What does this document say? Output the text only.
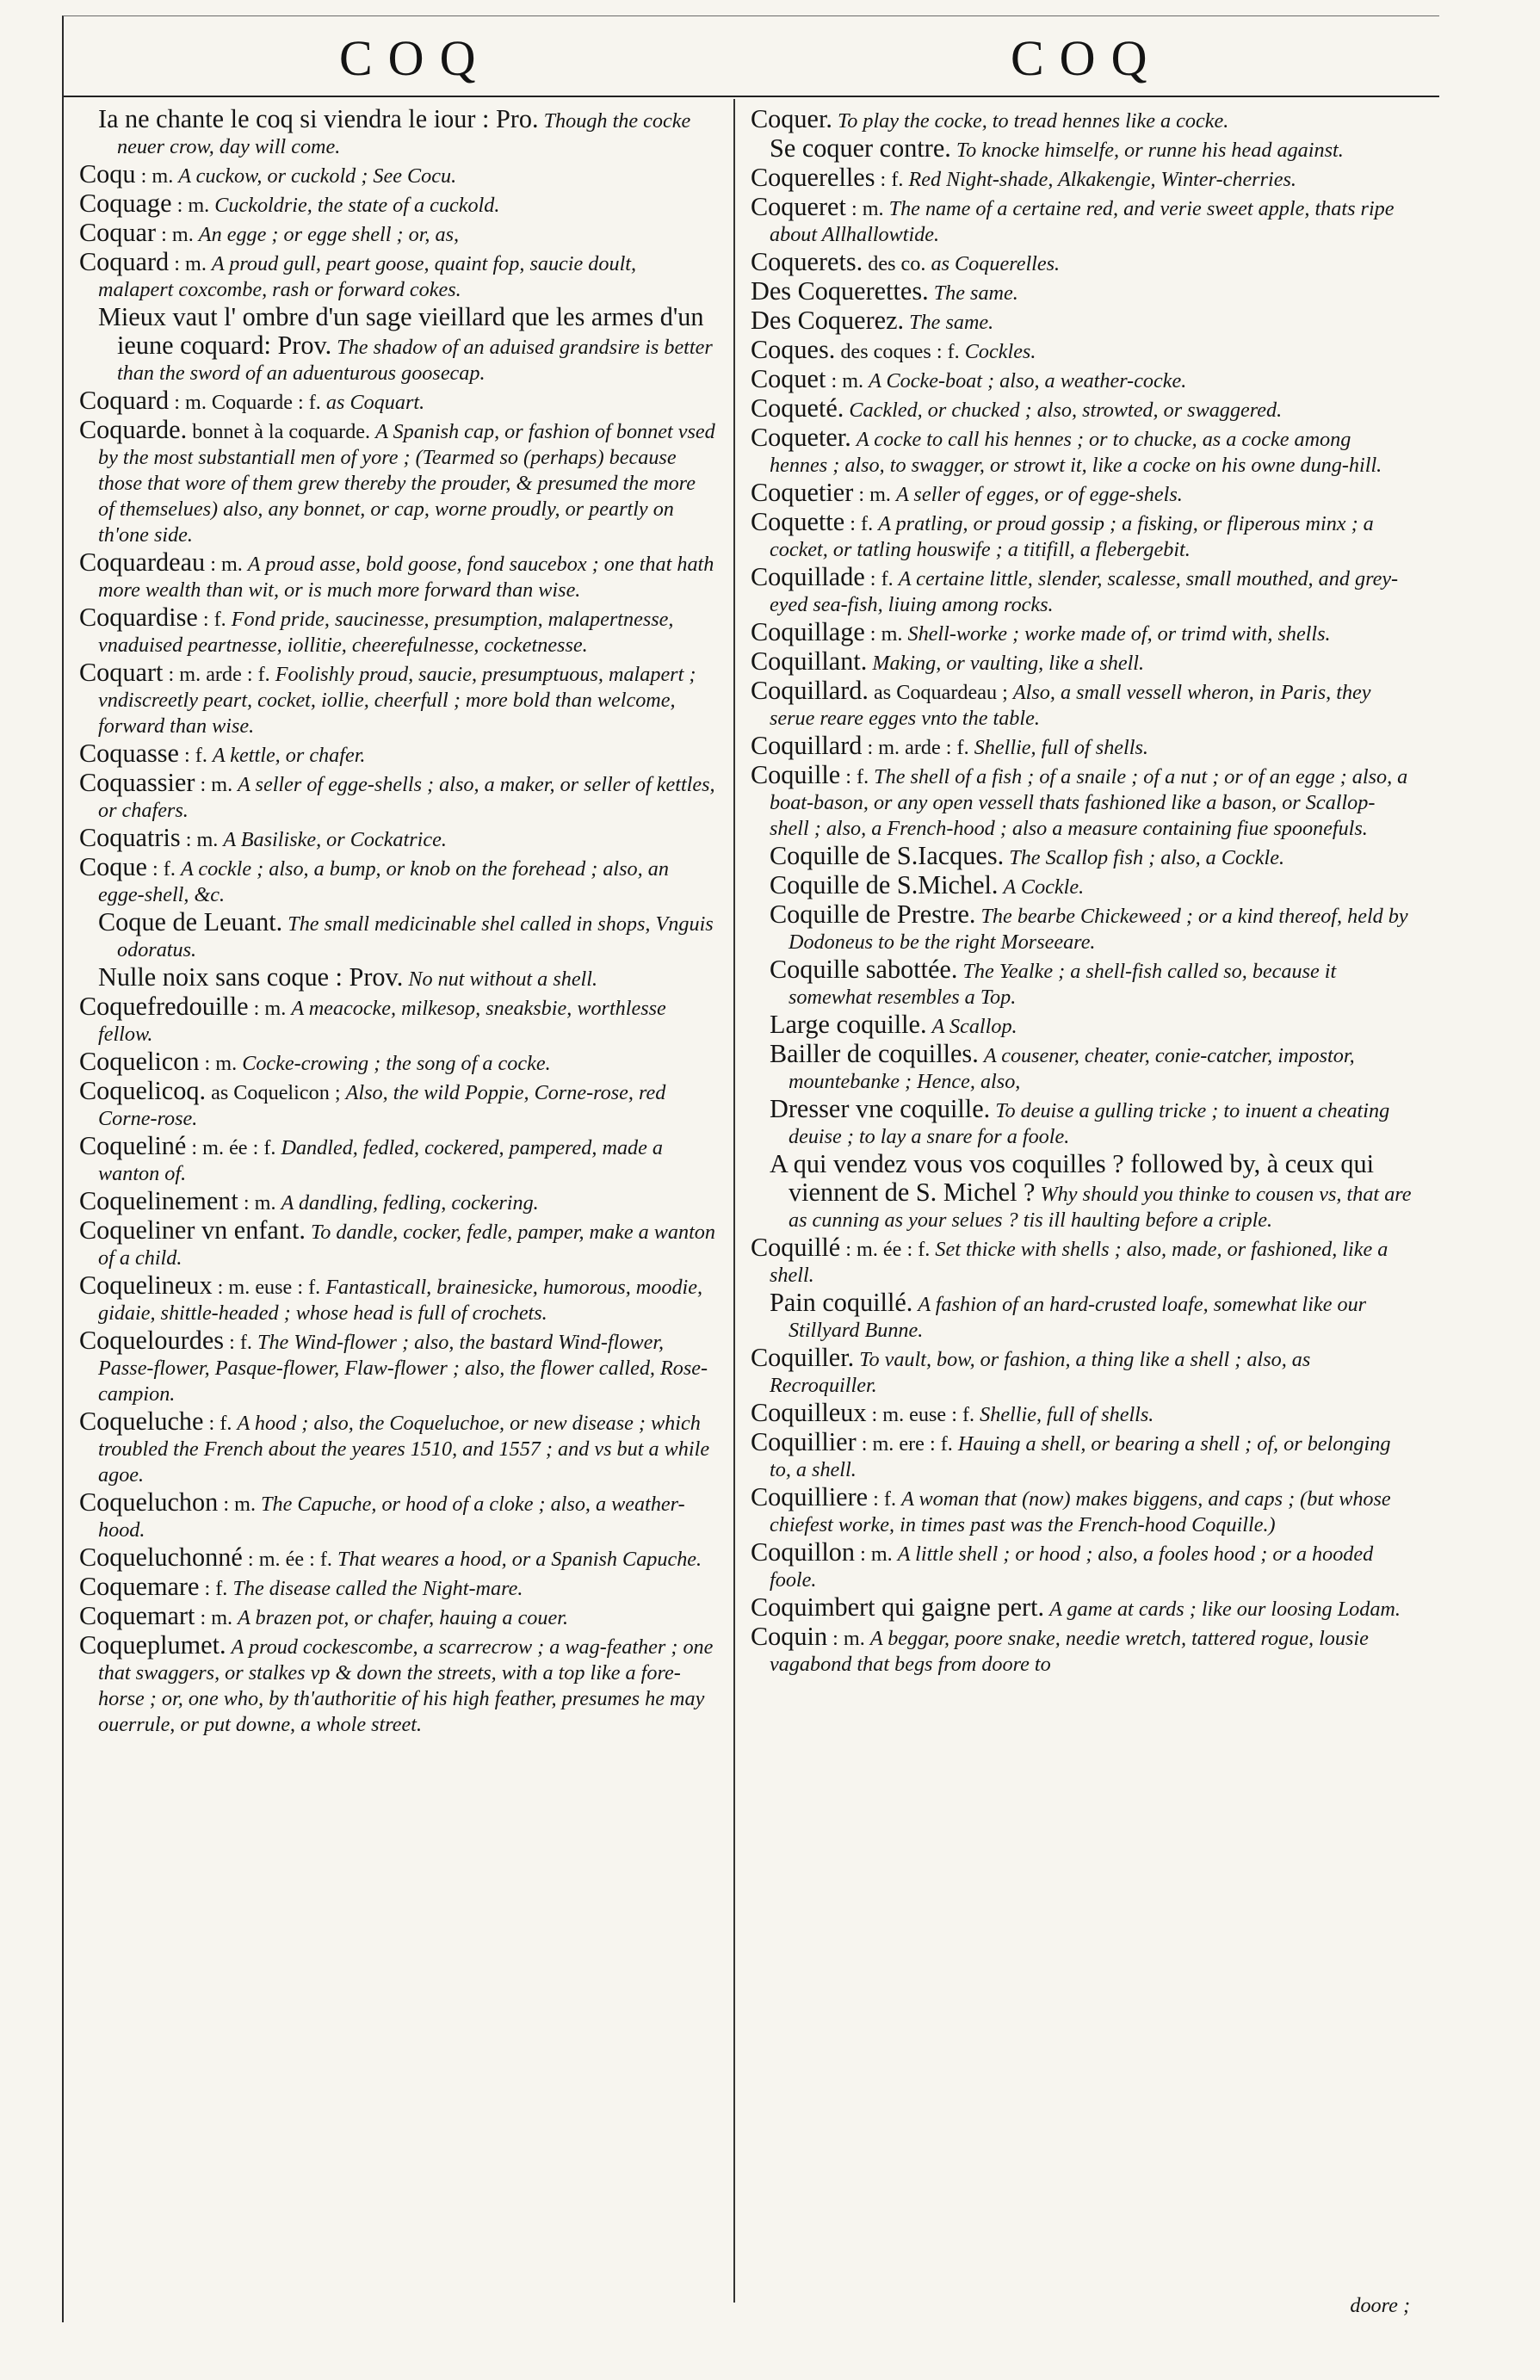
COQ	COQ

Ia ne chante le coq si viendra le iour : Pro. Though the cocke neuer crow, day will come.

Coqu : m. A cuckow, or cuckold ; See Cocu.

Coquage : m. Cuckoldrie, the state of a cuckold.

Coquar : m. An egge ; or egge shell ; or, as,

Coquard : m. A proud gull, peart goose, quaint fop, saucie doult, malapert coxcombe, rash or forward cokes.

Mieux vaut l' ombre d'un sage vieillard que les armes d'un ieune coquard: Prov. The shadow of an aduised grandsire is better than the sword of an aduenturous goosecap.

Coquard : m. Coquarde : f. as Coquart.

Coquarde. bonnet à la coquarde. A Spanish cap, or fashion of bonnet vsed by the most substantiall men of yore ; (Tearmed so (perhaps) because those that wore of them grew thereby the prouder, & presumed the more of themselues) also, any bonnet, or cap, worne proudly, or peartly on th'one side.

Coquardeau : m. A proud asse, bold goose, fond saucebox ; one that hath more wealth than wit, or is much more forward than wise.

Coquardise : f. Fond pride, saucinesse, presumption, malapertnesse, vnaduised peartnesse, iollitie, cheerefulnesse, cocketnesse.

Coquart : m. arde : f. Foolishly proud, saucie, presumptuous, malapert ; vndiscreetly peart, cocket, iollie, cheerfull ; more bold than welcome, forward than wise.

Coquasse : f. A kettle, or chafer.

Coquassier : m. A seller of egge-shells ; also, a maker, or seller of kettles, or chafers.

Coquatris : m. A Basiliske, or Cockatrice.

Coque : f. A cockle ; also, a bump, or knob on the forehead ; also, an egge-shell, &c.

Coque de Leuant. The small medicinable shel called in shops, Vnguis odoratus.

Nulle noix sans coque : Prov. No nut without a shell.

Coquefredouille : m. A meacocke, milkesop, sneaksbie, worthlesse fellow.

Coquelicon : m. Cocke-crowing ; the song of a cocke.

Coquelicoq. as Coquelicon ; Also, the wild Poppie, Corne-rose, red Corne-rose.

Coqueliné : m. ée : f. Dandled, fedled, cockered, pampered, made a wanton of.

Coquelinement : m. A dandling, fedling, cockering.

Coqueliner vn enfant. To dandle, cocker, fedle, pamper, make a wanton of a child.

Coquelineux : m. euse : f. Fantasticall, brainesicke, humorous, moodie, gidaie, shittle-headed ; whose head is full of crochets.

Coquelourdes : f. The Wind-flower ; also, the bastard Wind-flower, Passe-flower, Pasque-flower, Flaw-flower ; also, the flower called, Rose-campion.

Coqueluche : f. A hood ; also, the Coqueluchoe, or new disease ; which troubled the French about the yeares 1510, and 1557 ; and vs but a while agoe.

Coqueluchon : m. The Capuche, or hood of a cloke ; also, a weather-hood.

Coqueluchonné : m. ée : f. That weares a hood, or a Spanish Capuche.

Coquemare : f. The disease called the Night-mare.

Coquemart : m. A brazen pot, or chafer, hauing a couer.

Coqueplumet. A proud cockescombe, a scarrecrow ; a wag-feather ; one that swaggers, or stalkes vp & down the streets, with a top like a fore-horse ; or, one who, by th'authoritie of his high feather, presumes he may ouerrule, or put downe, a whole street.

Coquer. To play the cocke, to tread hennes like a cocke.

Se coquer contre. To knocke himselfe, or runne his head against.

Coquerelles : f. Red Night-shade, Alkakengie, Winter-cherries.

Coqueret : m. The name of a certaine red, and verie sweet apple, thats ripe about Allhallowtide.

Coquerets. des co. as Coquerelles.

Des Coquerettes. The same.

Des Coquerez. The same.

Coques. des coques : f. Cockles.

Coquet : m. A Cocke-boat ; also, a weather-cocke.

Coqueté. Cackled, or chucked ; also, strowted, or swaggered.

Coqueter. A cocke to call his hennes ; or to chucke, as a cocke among hennes ; also, to swagger, or strowt it, like a cocke on his owne dung-hill.

Coquetier : m. A seller of egges, or of egge-shels.

Coquette : f. A pratling, or proud gossip ; a fisking, or fliperous minx ; a cocket, or tatling houswife ; a titifill, a flebergebit.

Coquillade : f. A certaine little, slender, scalesse, small mouthed, and grey-eyed sea-fish, liuing among rocks.

Coquillage : m. Shell-worke ; worke made of, or trimd with, shells.

Coquillant. Making, or vaulting, like a shell.

Coquillard. as Coquardeau ; Also, a small vessell wheron, in Paris, they serue reare egges vnto the table.

Coquillard : m. arde : f. Shellie, full of shells.

Coquille : f. The shell of a fish ; of a snaile ; of a nut ; or of an egge ; also, a boat-bason, or any open vessell thats fashioned like a bason, or Scallop-shell ; also, a French-hood ; also a measure containing fiue spoonefuls.

Coquille de S.Iacques. The Scallop fish ; also, a Cockle.

Coquille de S.Michel. A Cockle.

Coquille de Prestre. The bearbe Chickeweed ; or a kind thereof, held by Dodoneus to be the right Morseeare.

Coquille sabottée. The Yealke ; a shell-fish called so, because it somewhat resembles a Top.

Large coquille. A Scallop.

Bailler de coquilles. A cousener, cheater, conie-catcher, impostor, mountebanke ; Hence, also,

Dresser vne coquille. To deuise a gulling tricke ; to inuent a cheating deuise ; to lay a snare for a foole.

A qui vendez vous vos coquilles ? followed by, à ceux qui viennent de S. Michel ? Why should you thinke to cousen vs, that are as cunning as your selues ? tis ill haulting before a criple.

Coquillé : m. ée : f. Set thicke with shells ; also, made, or fashioned, like a shell.

Pain coquillé. A fashion of an hard-crusted loafe, somewhat like our Stillyard Bunne.

Coquiller. To vault, bow, or fashion, a thing like a shell ; also, as Recroquiller.

Coquilleux : m. euse : f. Shellie, full of shells.

Coquillier : m. ere : f. Hauing a shell, or bearing a shell ; of, or belonging to, a shell.

Coquilliere : f. A woman that (now) makes biggens, and caps ; (but whose chiefest worke, in times past was the French-hood Coquille.)

Coquillon : m. A little shell ; or hood ; also, a fooles hood ; or a hooded foole.

Coquimbert qui gaigne pert. A game at cards ; like our loosing Lodam.

Coquin : m. A beggar, poore snake, needie wretch, tattered rogue, lousie vagabond that begs from doore to

doore ;
